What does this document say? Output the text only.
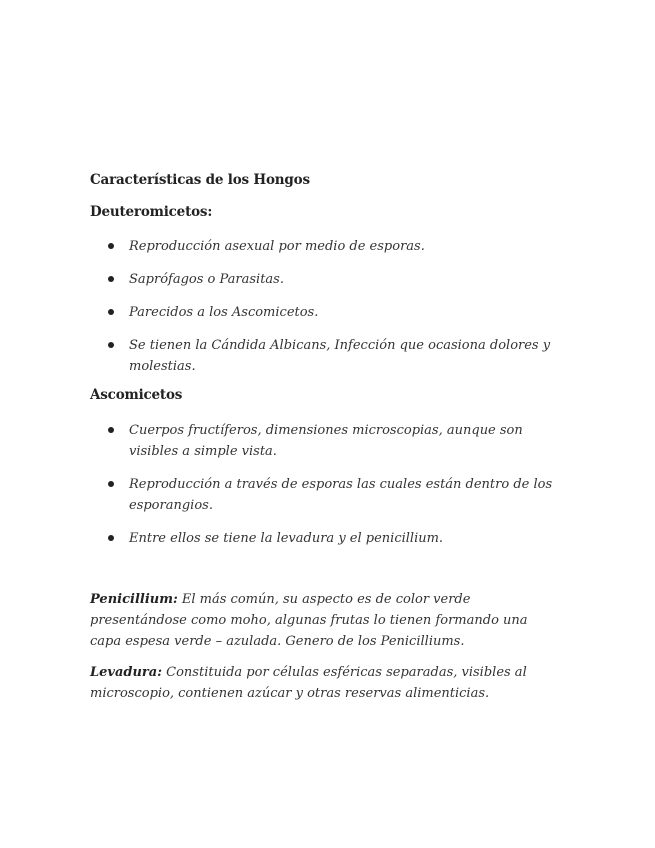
Características de los Hongos
Deuteromicetos:
Reproducción asexual por medio de esporas.
Saprófagos o Parasitas.
Parecidos a los Ascomicetos.
Se tienen la Cándida Albicans, Infección que ocasiona dolores y molestias.
Ascomicetos
Cuerpos fructíferos, dimensiones microscopias, aunque son visibles a simple vista.
Reproducción a través de esporas las cuales están dentro de los esporangios.
Entre ellos se tiene la levadura y el penicillium.

Penicillium: El más común, su aspecto es de color verde presentándose como moho, algunas frutas lo tienen formando una capa espesa verde – azulada. Genero de los Penicilliums.

Levadura: Constituida por células esféricas separadas, visibles al microscopio, contienen azúcar y otras reservas alimenticias.
